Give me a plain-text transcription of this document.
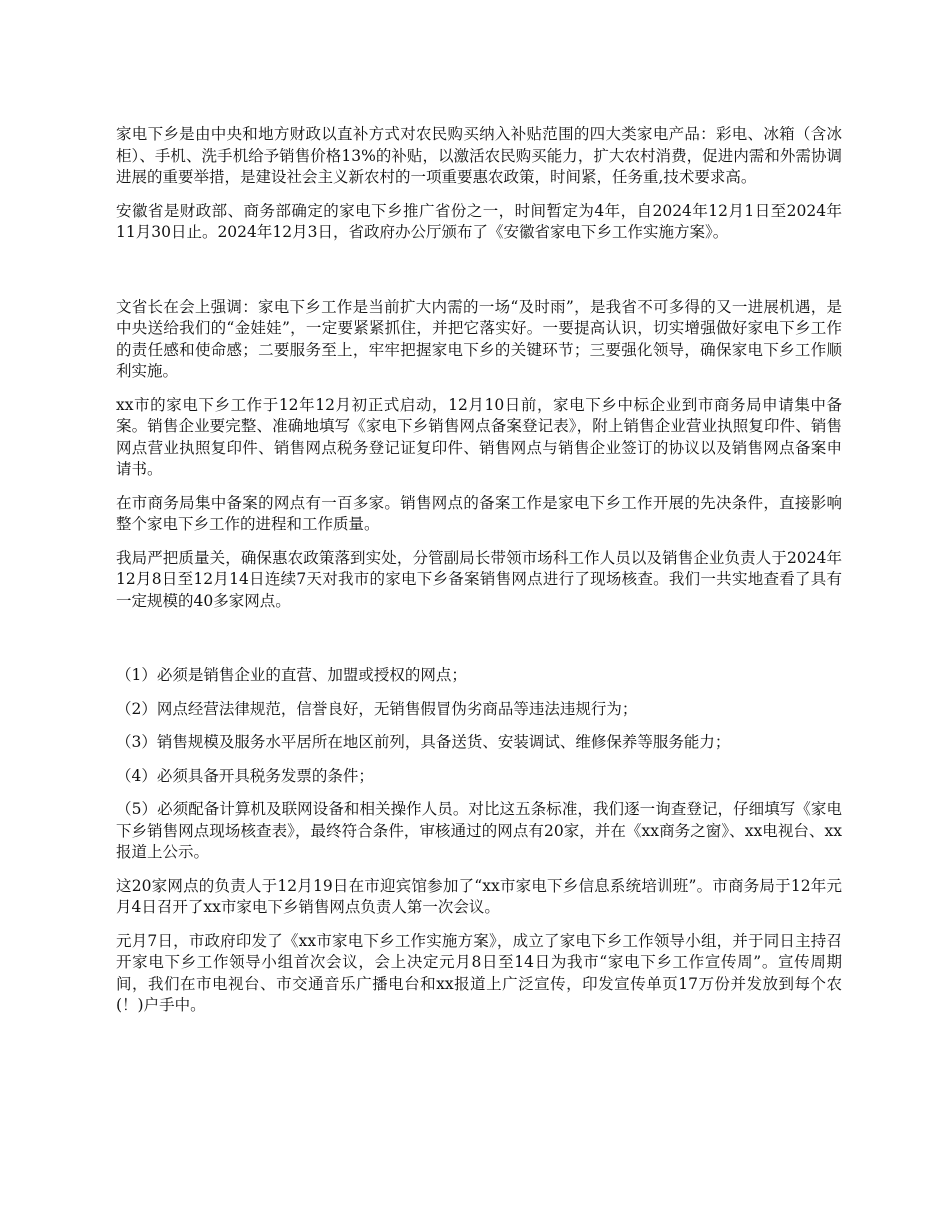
家电下乡是由中央和地方财政以直补方式对农民购买纳入补贴范围的四大类家电产品：彩电、冰箱（含冰柜）、手机、洗手机给予销售价格13%的补贴，以激活农民购买能力，扩大农村消费，促进内需和外需协调进展的重要举措，是建设社会主义新农村的一项重要惠农政策，时间紧，任务重,技术要求高。

安徽省是财政部、商务部确定的家电下乡推广省份之一，时间暂定为4年，自2024年12月1日至2024年11月30日止。2024年12月3日，省政府办公厅颁布了《安徽省家电下乡工作实施方案》。

文省长在会上强调：家电下乡工作是当前扩大内需的一场“及时雨”，是我省不可多得的又一进展机遇，是中央送给我们的“金娃娃”，一定要紧紧抓住，并把它落实好。一要提高认识，切实增强做好家电下乡工作的责任感和使命感；二要服务至上，牢牢把握家电下乡的关键环节；三要强化领导，确保家电下乡工作顺利实施。

xx市的家电下乡工作于12年12月初正式启动，12月10日前，家电下乡中标企业到市商务局申请集中备案。销售企业要完整、准确地填写《家电下乡销售网点备案登记表》，附上销售企业营业执照复印件、销售网点营业执照复印件、销售网点税务登记证复印件、销售网点与销售企业签订的协议以及销售网点备案申请书。

在市商务局集中备案的网点有一百多家。销售网点的备案工作是家电下乡工作开展的先决条件，直接影响整个家电下乡工作的进程和工作质量。

我局严把质量关，确保惠农政策落到实处，分管副局长带领市场科工作人员以及销售企业负责人于2024年12月8日至12月14日连续7天对我市的家电下乡备案销售网点进行了现场核查。我们一共实地查看了具有一定规模的40多家网点。

（1）必须是销售企业的直营、加盟或授权的网点；

（2）网点经营法律规范，信誉良好，无销售假冒伪劣商品等违法违规行为；

（3）销售规模及服务水平居所在地区前列，具备送货、安装调试、维修保养等服务能力；

（4）必须具备开具税务发票的条件；

（5）必须配备计算机及联网设备和相关操作人员。对比这五条标准，我们逐一询查登记，仔细填写《家电下乡销售网点现场核查表》，最终符合条件，审核通过的网点有20家，并在《xx商务之窗》、xx电视台、xx报道上公示。

这20家网点的负责人于12月19日在市迎宾馆参加了“xx市家电下乡信息系统培训班”。市商务局于12年元月4日召开了xx市家电下乡销售网点负责人第一次会议。

元月7日，市政府印发了《xx市家电下乡工作实施方案》，成立了家电下乡工作领导小组，并于同日主持召开家电下乡工作领导小组首次会议，会上决定元月8日至14日为我市“家电下乡工作宣传周”。宣传周期间，我们在市电视台、市交通音乐广播电台和xx报道上广泛宣传，印发宣传单页17万份并发放到每个农(！)户手中。
